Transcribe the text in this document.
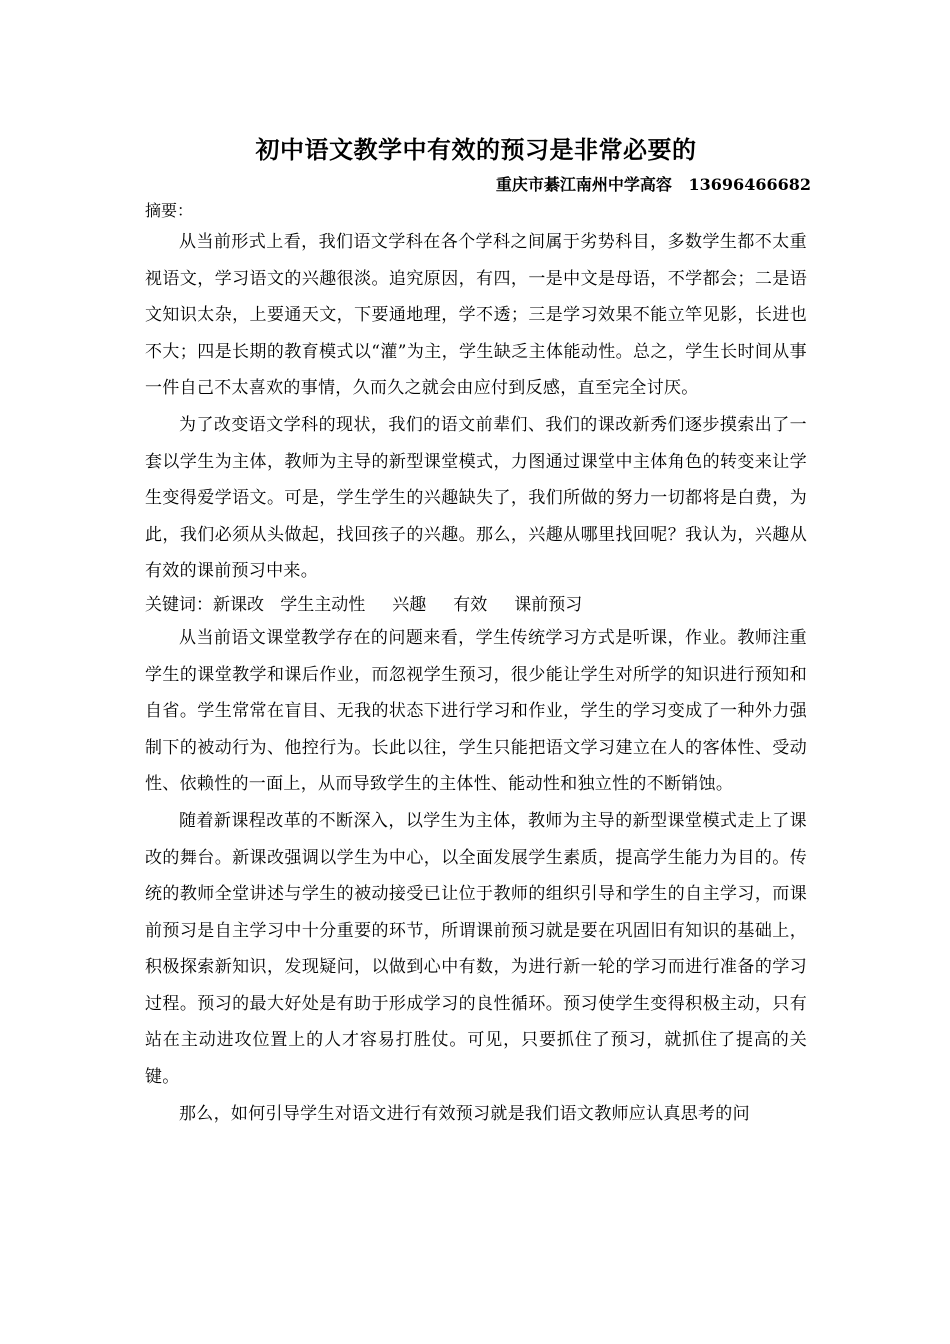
初中语文教学中有效的预习是非常必要的
重庆市綦江南州中学高容   13696466682
摘要：

从当前形式上看，我们语文学科在各个学科之间属于劣势科目，多数学生都不太重视语文，学习语文的兴趣很淡。追究原因，有四，一是中文是母语，不学都会；二是语文知识太杂，上要通天文，下要通地理，学不透；三是学习效果不能立竿见影，长进也不大；四是长期的教育模式以“灌”为主，学生缺乏主体能动性。总之，学生长时间从事一件自己不太喜欢的事情，久而久之就会由应付到反感，直至完全讨厌。

为了改变语文学科的现状，我们的语文前辈们、我们的课改新秀们逐步摸索出了一套以学生为主体，教师为主导的新型课堂模式，力图通过课堂中主体角色的转变来让学生变得爱学语文。可是，学生学生的兴趣缺失了，我们所做的努力一切都将是白费，为此，我们必须从头做起，找回孩子的兴趣。那么，兴趣从哪里找回呢？我认为，兴趣从有效的课前预习中来。

关键词：新课改   学生主动性     兴趣     有效     课前预习

从当前语文课堂教学存在的问题来看，学生传统学习方式是听课，作业。教师注重学生的课堂教学和课后作业，而忽视学生预习，很少能让学生对所学的知识进行预知和自省。学生常常在盲目、无我的状态下进行学习和作业，学生的学习变成了一种外力强制下的被动行为、他控行为。长此以往，学生只能把语文学习建立在人的客体性、受动性、依赖性的一面上，从而导致学生的主体性、能动性和独立性的不断销蚀。

随着新课程改革的不断深入，以学生为主体，教师为主导的新型课堂模式走上了课改的舞台。新课改强调以学生为中心，以全面发展学生素质，提高学生能力为目的。传统的教师全堂讲述与学生的被动接受已让位于教师的组织引导和学生的自主学习，而课前预习是自主学习中十分重要的环节，所谓课前预习就是要在巩固旧有知识的基础上，积极探索新知识，发现疑问，以做到心中有数，为进行新一轮的学习而进行准备的学习过程。预习的最大好处是有助于形成学习的良性循环。预习使学生变得积极主动，只有站在主动进攻位置上的人才容易打胜仗。可见，只要抓住了预习，就抓住了提高的关键。

那么，如何引导学生对语文进行有效预习就是我们语文教师应认真思考的问
